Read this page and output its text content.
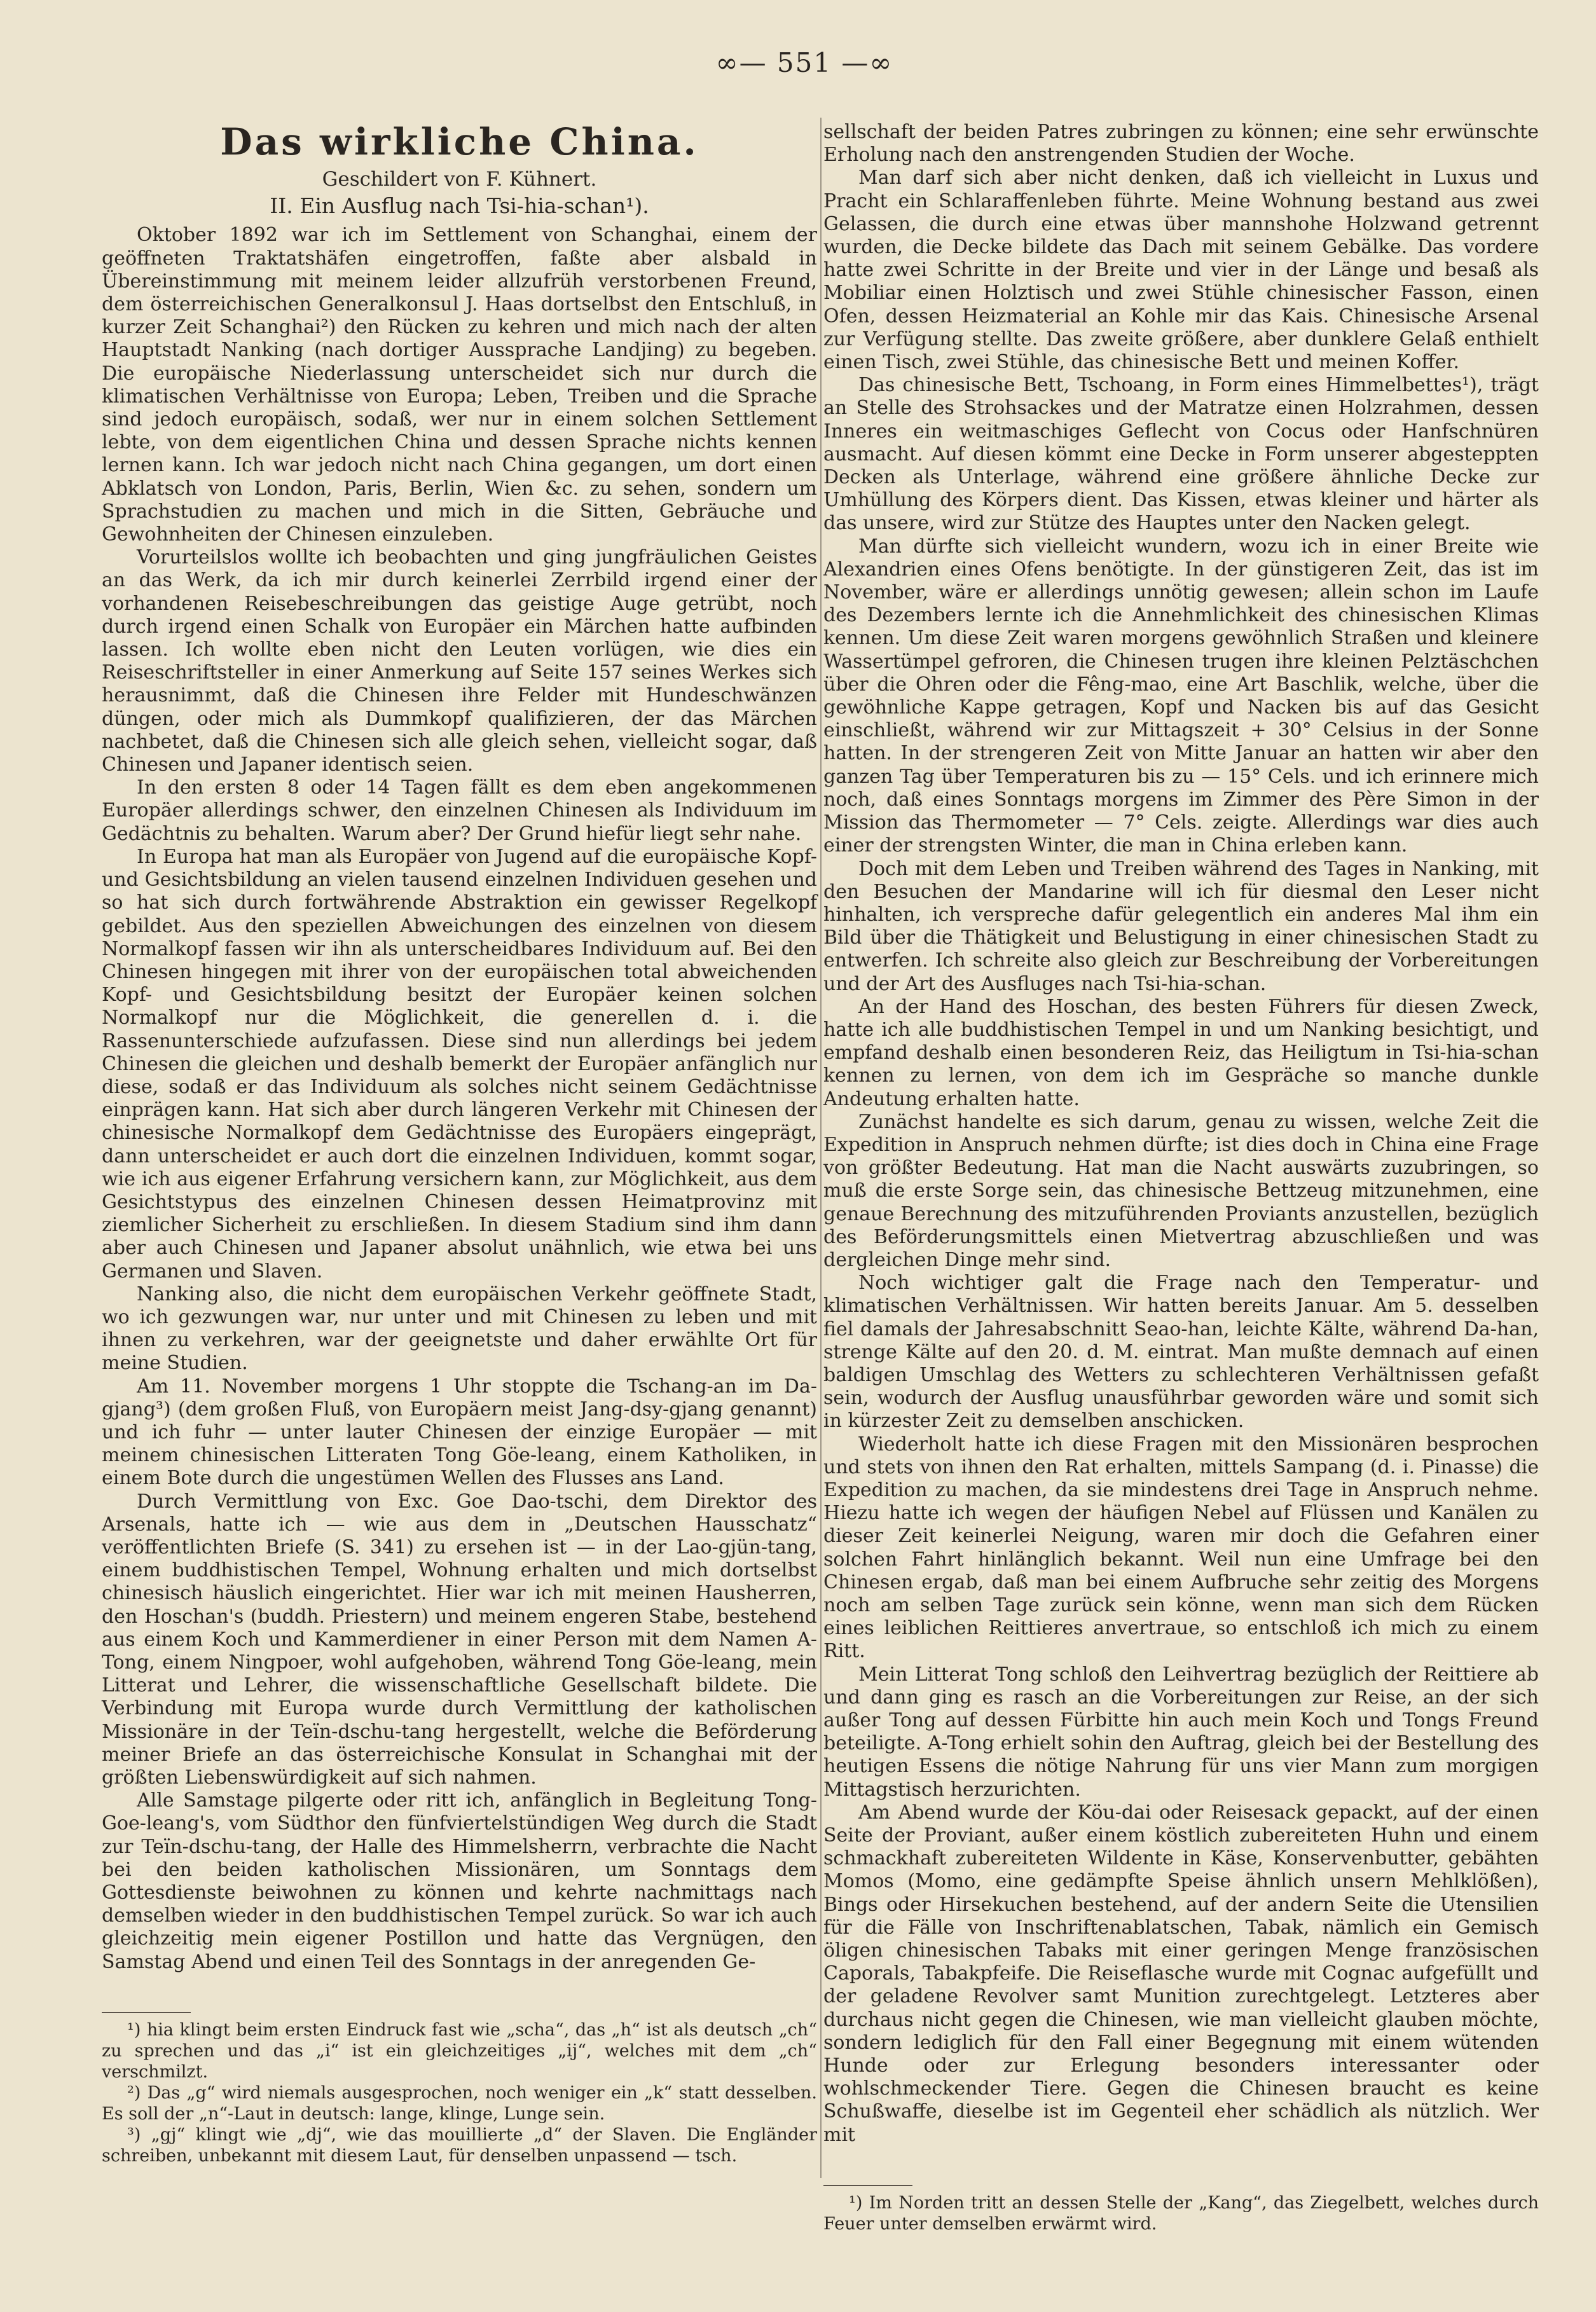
∞— 551 —∞
Das wirkliche China.
Geschildert von F. Kühnert.
II. Ein Ausflug nach Tsi-hia-schan¹).

Oktober 1892 war ich im Settlement von Schanghai, einem der geöffneten Traktatshäfen eingetroffen, faßte aber alsbald in Übereinstimmung mit meinem leider allzufrüh verstorbenen Freund, dem österreichischen Generalkonsul J. Haas dortselbst den Entschluß, in kurzer Zeit Schanghai²) den Rücken zu kehren und mich nach der alten Hauptstadt Nanking (nach dortiger Aussprache Landjing) zu begeben. Die europäische Niederlassung unterscheidet sich nur durch die klimatischen Verhältnisse von Europa; Leben, Treiben und die Sprache sind jedoch europäisch, sodaß, wer nur in einem solchen Settlement lebte, von dem eigentlichen China und dessen Sprache nichts kennen lernen kann. Ich war jedoch nicht nach China gegangen, um dort einen Abklatsch von London, Paris, Berlin, Wien &c. zu sehen, sondern um Sprachstudien zu machen und mich in die Sitten, Gebräuche und Gewohnheiten der Chinesen einzuleben.

Vorurteilslos wollte ich beobachten und ging jungfräulichen Geistes an das Werk, da ich mir durch keinerlei Zerrbild irgend einer der vorhandenen Reisebeschreibungen das geistige Auge getrübt, noch durch irgend einen Schalk von Europäer ein Märchen hatte aufbinden lassen. Ich wollte eben nicht den Leuten vorlügen, wie dies ein Reiseschriftsteller in einer Anmerkung auf Seite 157 seines Werkes sich herausnimmt, daß die Chinesen ihre Felder mit Hundeschwänzen düngen, oder mich als Dummkopf qualifizieren, der das Märchen nachbetet, daß die Chinesen sich alle gleich sehen, vielleicht sogar, daß Chinesen und Japaner identisch seien.

In den ersten 8 oder 14 Tagen fällt es dem eben angekommenen Europäer allerdings schwer, den einzelnen Chinesen als Individuum im Gedächtnis zu behalten. Warum aber? Der Grund hiefür liegt sehr nahe.

In Europa hat man als Europäer von Jugend auf die europäische Kopf- und Gesichtsbildung an vielen tausend einzelnen Individuen gesehen und so hat sich durch fortwährende Abstraktion ein gewisser Regelkopf gebildet. Aus den speziellen Abweichungen des einzelnen von diesem Normalkopf fassen wir ihn als unterscheidbares Individuum auf. Bei den Chinesen hingegen mit ihrer von der europäischen total abweichenden Kopf- und Gesichtsbildung besitzt der Europäer keinen solchen Normalkopf nur die Möglichkeit, die generellen d. i. die Rassenunterschiede aufzufassen. Diese sind nun allerdings bei jedem Chinesen die gleichen und deshalb bemerkt der Europäer anfänglich nur diese, sodaß er das Individuum als solches nicht seinem Gedächtnisse einprägen kann. Hat sich aber durch längeren Verkehr mit Chinesen der chinesische Normalkopf dem Gedächtnisse des Europäers eingeprägt, dann unterscheidet er auch dort die einzelnen Individuen, kommt sogar, wie ich aus eigener Erfahrung versichern kann, zur Möglichkeit, aus dem Gesichtstypus des einzelnen Chinesen dessen Heimatprovinz mit ziemlicher Sicherheit zu erschließen. In diesem Stadium sind ihm dann aber auch Chinesen und Japaner absolut unähnlich, wie etwa bei uns Germanen und Slaven.

Nanking also, die nicht dem europäischen Verkehr geöffnete Stadt, wo ich gezwungen war, nur unter und mit Chinesen zu leben und mit ihnen zu verkehren, war der geeignetste und daher erwählte Ort für meine Studien.

Am 11. November morgens 1 Uhr stoppte die Tschang-an im Da-gjang³) (dem großen Fluß, von Europäern meist Jang-dsy-gjang genannt) und ich fuhr — unter lauter Chinesen der einzige Europäer — mit meinem chinesischen Litteraten Tong Göe-leang, einem Katholiken, in einem Bote durch die ungestümen Wellen des Flusses ans Land.

Durch Vermittlung von Exc. Goe Dao-tschi, dem Direktor des Arsenals, hatte ich — wie aus dem in „Deutschen Hausschatz“ veröffentlichten Briefe (S. 341) zu ersehen ist — in der Lao-gjün-tang, einem buddhistischen Tempel, Wohnung erhalten und mich dortselbst chinesisch häuslich eingerichtet. Hier war ich mit meinen Hausherren, den Hoschan's (buddh. Priestern) und meinem engeren Stabe, bestehend aus einem Koch und Kammerdiener in einer Person mit dem Namen A-Tong, einem Ningpoer, wohl aufgehoben, während Tong Göe-leang, mein Litterat und Lehrer, die wissenschaftliche Gesellschaft bildete. Die Verbindung mit Europa wurde durch Vermittlung der katholischen Missionäre in der Teïn-dschu-tang hergestellt, welche die Beförderung meiner Briefe an das österreichische Konsulat in Schanghai mit der größten Liebenswürdigkeit auf sich nahmen.

Alle Samstage pilgerte oder ritt ich, anfänglich in Begleitung Tong-Goe-leang's, vom Südthor den fünfviertelstündigen Weg durch die Stadt zur Teïn-dschu-tang, der Halle des Himmelsherrn, verbrachte die Nacht bei den beiden katholischen Missionären, um Sonntags dem Gottesdienste beiwohnen zu können und kehrte nachmittags nach demselben wieder in den buddhistischen Tempel zurück. So war ich auch gleichzeitig mein eigener Postillon und hatte das Vergnügen, den Samstag Abend und einen Teil des Sonntags in der anregenden Ge-

¹) hia klingt beim ersten Eindruck fast wie „scha“, das „h“ ist als deutsch „ch“ zu sprechen und das „i“ ist ein gleichzeitiges „ij“, welches mit dem „ch“ verschmilzt.

²) Das „g“ wird niemals ausgesprochen, noch weniger ein „k“ statt desselben. Es soll der „n“-Laut in deutsch: lange, klinge, Lunge sein.

³) „gj“ klingt wie „dj“, wie das mouillierte „d“ der Slaven. Die Engländer schreiben, unbekannt mit diesem Laut, für denselben unpassend — tsch.

sellschaft der beiden Patres zubringen zu können; eine sehr erwünschte Erholung nach den anstrengenden Studien der Woche.

Man darf sich aber nicht denken, daß ich vielleicht in Luxus und Pracht ein Schlaraffenleben führte. Meine Wohnung bestand aus zwei Gelassen, die durch eine etwas über mannshohe Holzwand getrennt wurden, die Decke bildete das Dach mit seinem Gebälke. Das vordere hatte zwei Schritte in der Breite und vier in der Länge und besaß als Mobiliar einen Holztisch und zwei Stühle chinesischer Fasson, einen Ofen, dessen Heizmaterial an Kohle mir das Kais. Chinesische Arsenal zur Verfügung stellte. Das zweite größere, aber dunklere Gelaß enthielt einen Tisch, zwei Stühle, das chinesische Bett und meinen Koffer.

Das chinesische Bett, Tschoang, in Form eines Himmelbettes¹), trägt an Stelle des Strohsackes und der Matratze einen Holzrahmen, dessen Inneres ein weitmaschiges Geflecht von Cocus oder Hanfschnüren ausmacht. Auf diesen kömmt eine Decke in Form unserer abgesteppten Decken als Unterlage, während eine größere ähnliche Decke zur Umhüllung des Körpers dient. Das Kissen, etwas kleiner und härter als das unsere, wird zur Stütze des Hauptes unter den Nacken gelegt.

Man dürfte sich vielleicht wundern, wozu ich in einer Breite wie Alexandrien eines Ofens benötigte. In der günstigeren Zeit, das ist im November, wäre er allerdings unnötig gewesen; allein schon im Laufe des Dezembers lernte ich die Annehmlichkeit des chinesischen Klimas kennen. Um diese Zeit waren morgens gewöhnlich Straßen und kleinere Wassertümpel gefroren, die Chinesen trugen ihre kleinen Pelztäschchen über die Ohren oder die Fêng-mao, eine Art Baschlik, welche, über die gewöhnliche Kappe getragen, Kopf und Nacken bis auf das Gesicht einschließt, während wir zur Mittagszeit + 30° Celsius in der Sonne hatten. In der strengeren Zeit von Mitte Januar an hatten wir aber den ganzen Tag über Temperaturen bis zu — 15° Cels. und ich erinnere mich noch, daß eines Sonntags morgens im Zimmer des Père Simon in der Mission das Thermometer — 7° Cels. zeigte. Allerdings war dies auch einer der strengsten Winter, die man in China erleben kann.

Doch mit dem Leben und Treiben während des Tages in Nanking, mit den Besuchen der Mandarine will ich für diesmal den Leser nicht hinhalten, ich verspreche dafür gelegentlich ein anderes Mal ihm ein Bild über die Thätigkeit und Belustigung in einer chinesischen Stadt zu entwerfen. Ich schreite also gleich zur Beschreibung der Vorbereitungen und der Art des Ausfluges nach Tsi-hia-schan.

An der Hand des Hoschan, des besten Führers für diesen Zweck, hatte ich alle buddhistischen Tempel in und um Nanking besichtigt, und empfand deshalb einen besonderen Reiz, das Heiligtum in Tsi-hia-schan kennen zu lernen, von dem ich im Gespräche so manche dunkle Andeutung erhalten hatte.

Zunächst handelte es sich darum, genau zu wissen, welche Zeit die Expedition in Anspruch nehmen dürfte; ist dies doch in China eine Frage von größter Bedeutung. Hat man die Nacht auswärts zuzubringen, so muß die erste Sorge sein, das chinesische Bettzeug mitzunehmen, eine genaue Berechnung des mitzuführenden Proviants anzustellen, bezüglich des Beförderungsmittels einen Mietvertrag abzuschließen und was dergleichen Dinge mehr sind.

Noch wichtiger galt die Frage nach den Temperatur- und klimatischen Verhältnissen. Wir hatten bereits Januar. Am 5. desselben fiel damals der Jahresabschnitt Seao-han, leichte Kälte, während Da-han, strenge Kälte auf den 20. d. M. eintrat. Man mußte demnach auf einen baldigen Umschlag des Wetters zu schlechteren Verhältnissen gefaßt sein, wodurch der Ausflug unausführbar geworden wäre und somit sich in kürzester Zeit zu demselben anschicken.

Wiederholt hatte ich diese Fragen mit den Missionären besprochen und stets von ihnen den Rat erhalten, mittels Sampang (d. i. Pinasse) die Expedition zu machen, da sie mindestens drei Tage in Anspruch nehme. Hiezu hatte ich wegen der häufigen Nebel auf Flüssen und Kanälen zu dieser Zeit keinerlei Neigung, waren mir doch die Gefahren einer solchen Fahrt hinlänglich bekannt. Weil nun eine Umfrage bei den Chinesen ergab, daß man bei einem Aufbruche sehr zeitig des Morgens noch am selben Tage zurück sein könne, wenn man sich dem Rücken eines leiblichen Reittieres anvertraue, so entschloß ich mich zu einem Ritt.

Mein Litterat Tong schloß den Leihvertrag bezüglich der Reittiere ab und dann ging es rasch an die Vorbereitungen zur Reise, an der sich außer Tong auf dessen Fürbitte hin auch mein Koch und Tongs Freund beteiligte. A-Tong erhielt sohin den Auftrag, gleich bei der Bestellung des heutigen Essens die nötige Nahrung für uns vier Mann zum morgigen Mittagstisch herzurichten.

Am Abend wurde der Köu-dai oder Reisesack gepackt, auf der einen Seite der Proviant, außer einem köstlich zubereiteten Huhn und einem schmackhaft zubereiteten Wildente in Käse, Konservenbutter, gebähten Momos (Momo, eine gedämpfte Speise ähnlich unsern Mehlklößen), Bings oder Hirsekuchen bestehend, auf der andern Seite die Utensilien für die Fälle von Inschriftenablatschen, Tabak, nämlich ein Gemisch öligen chinesischen Tabaks mit einer geringen Menge französischen Caporals, Tabakpfeife. Die Reiseflasche wurde mit Cognac aufgefüllt und der geladene Revolver samt Munition zurechtgelegt. Letzteres aber durchaus nicht gegen die Chinesen, wie man vielleicht glauben möchte, sondern lediglich für den Fall einer Begegnung mit einem wütenden Hunde oder zur Erlegung besonders interessanter oder wohlschmeckender Tiere. Gegen die Chinesen braucht es keine Schußwaffe, dieselbe ist im Gegenteil eher schädlich als nützlich. Wer mit

¹) Im Norden tritt an dessen Stelle der „Kang“, das Ziegelbett, welches durch Feuer unter demselben erwärmt wird.
